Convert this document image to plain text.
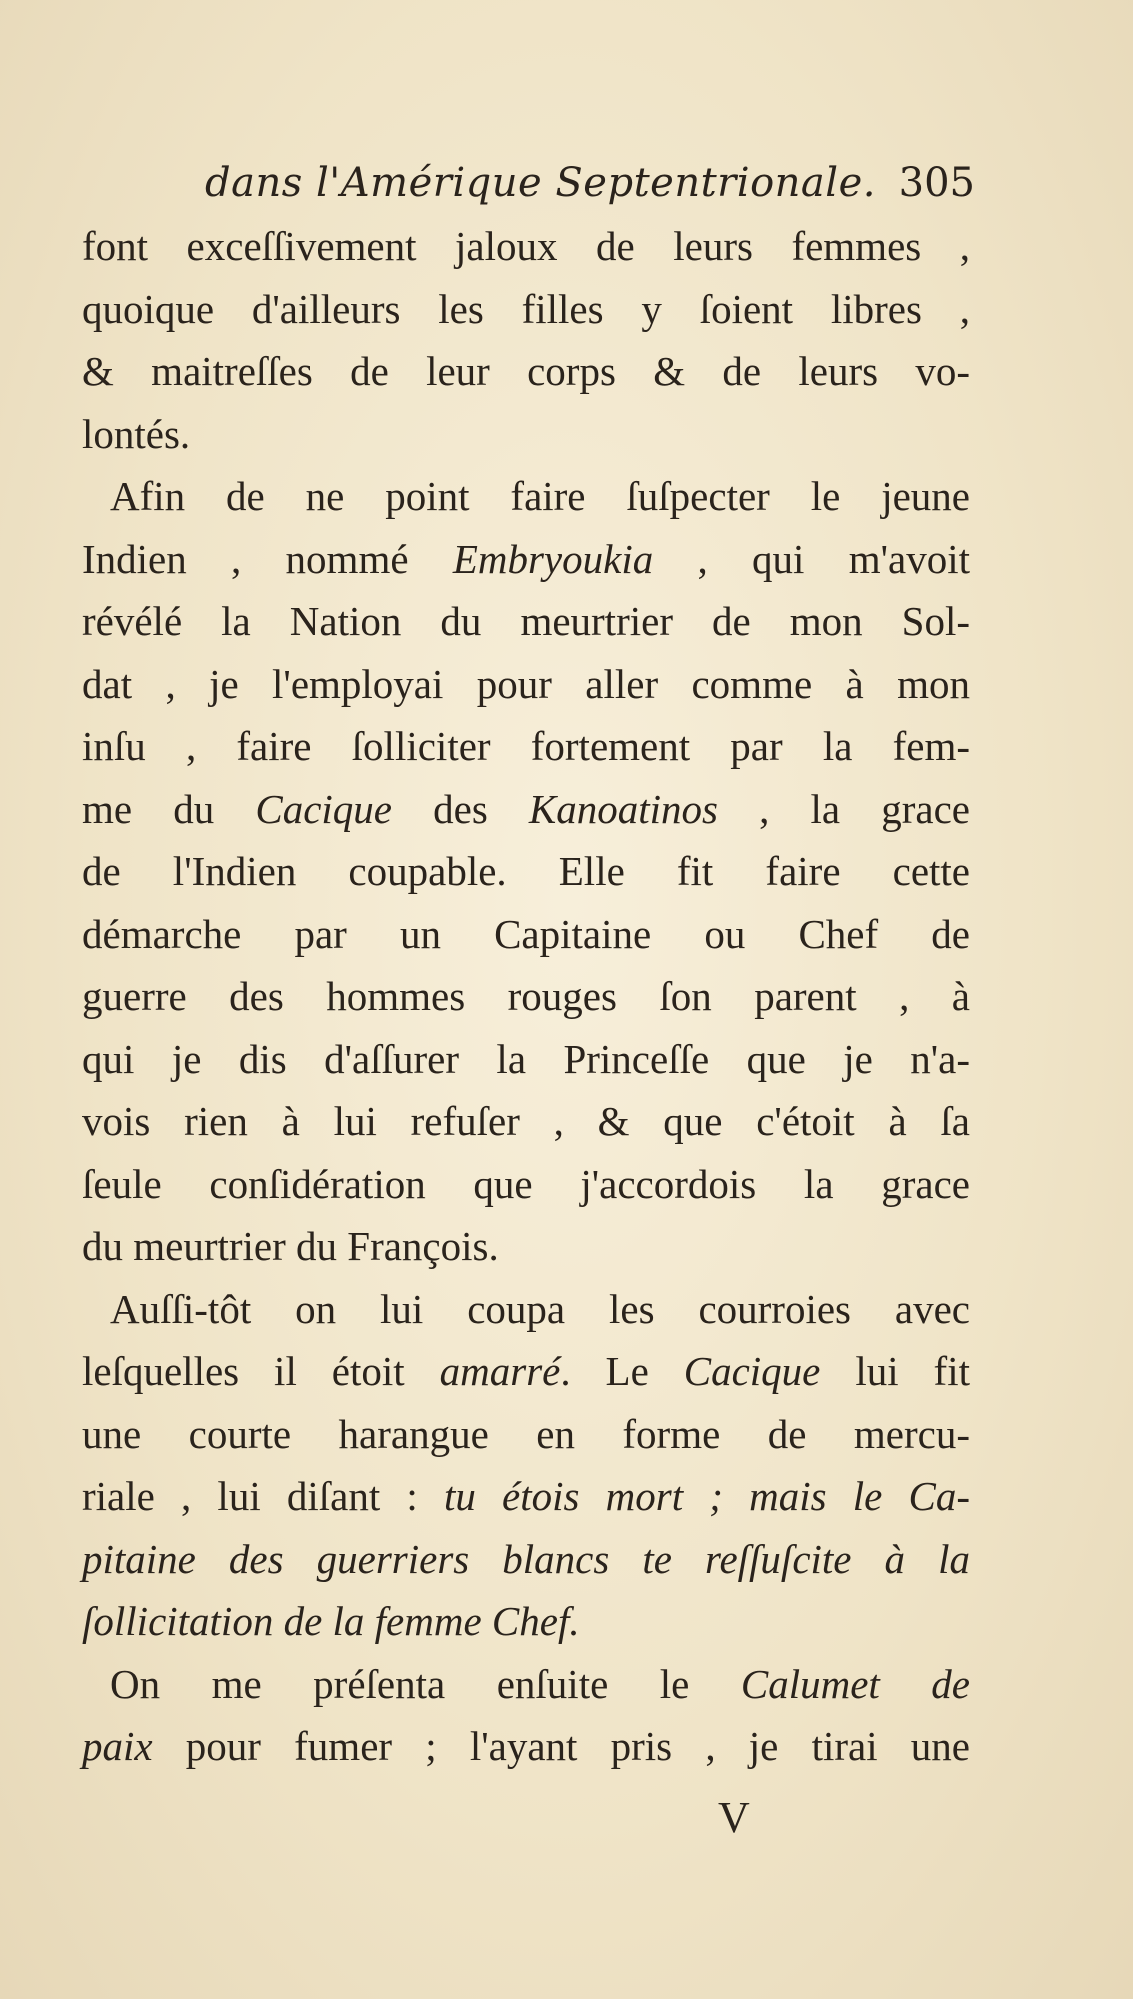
dans l'Amérique Septentrionale. 305
font exceſſivement jaloux de leurs femmes ,
quoique d'ailleurs les filles y ſoient libres ,
& maitreſſes de leur corps & de leurs vo-
lontés.
Afin de ne point faire ſuſpecter le jeune
Indien , nommé Embryoukia , qui m'avoit
révélé la Nation du meurtrier de mon Sol-
dat , je l'employai pour aller comme à mon
inſu , faire ſolliciter fortement par la fem-
me du Cacique des Kanoatinos , la grace
de l'Indien coupable. Elle fit faire cette
démarche par un Capitaine ou Chef de
guerre des hommes rouges ſon parent , à
qui je dis d'aſſurer la Princeſſe que je n'a-
vois rien à lui refuſer , & que c'étoit à ſa
ſeule conſidération que j'accordois la grace
du meurtrier du François.
Auſſi-tôt on lui coupa les courroies avec
leſquelles il étoit amarré. Le Cacique lui fit
une courte harangue en forme de mercu-
riale , lui diſant : tu étois mort ; mais le Ca-
pitaine des guerriers blancs te reſſuſcite à la
ſollicitation de la femme Chef.
On me préſenta enſuite le Calumet de
paix pour fumer ; l'ayant pris , je tirai une
V
